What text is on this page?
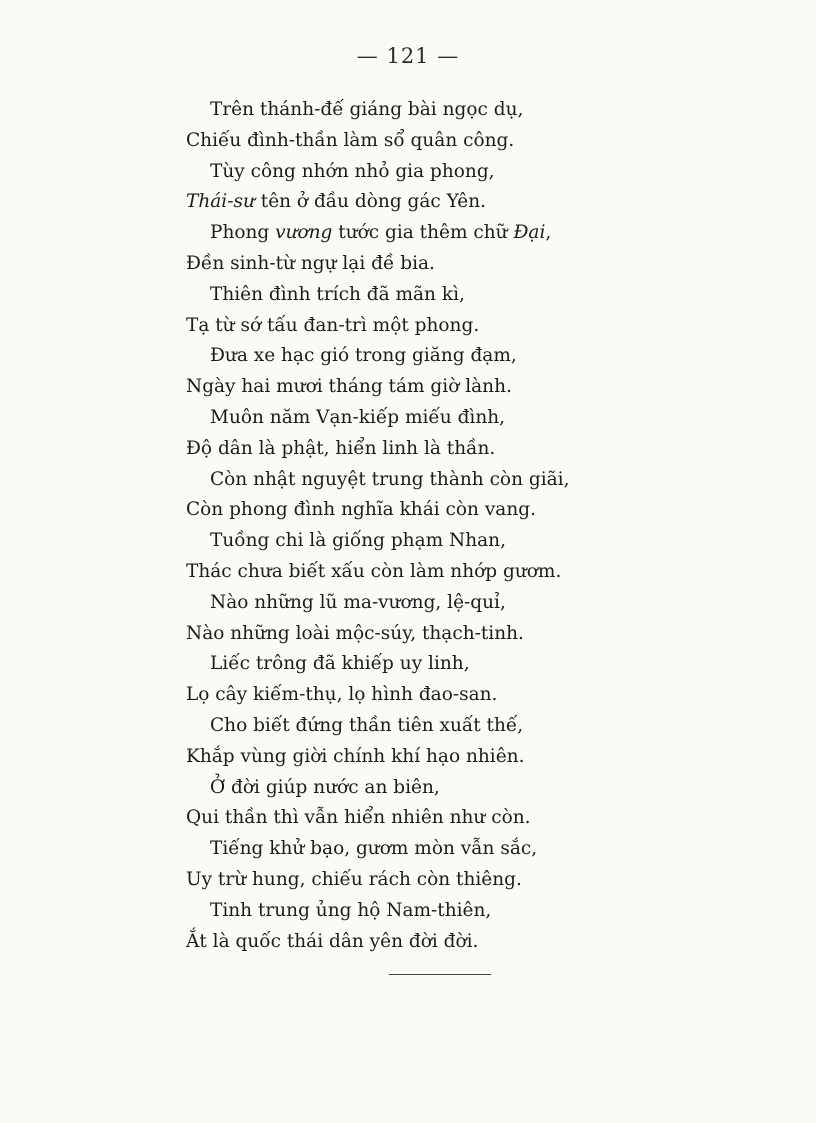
— 121 —
Trên thánh-đế giáng bài ngọc dụ,
Chiếu đình-thần làm sổ quân công.
Tùy công nhớn nhỏ gia phong,
Thái-sư tên ở đầu dòng gác Yên.
Phong vương tước gia thêm chữ Đại,
Đền sinh-từ ngự lại đề bia.
Thiên đình trích đã mãn kì,
Tạ từ sớ tấu đan-trì một phong.
Đưa xe hạc gió trong giăng đạm,
Ngày hai mươi tháng tám giờ lành.
Muôn năm Vạn-kiếp miếu đình,
Độ dân là phật, hiển linh là thần.
Còn nhật nguyệt trung thành còn giãi,
Còn phong đình nghĩa khái còn vang.
Tuồng chi là giống phạm Nhan,
Thác chưa biết xấu còn làm nhớp gươm.
Nào những lũ ma-vương, lệ-quỉ,
Nào những loài mộc-súy, thạch-tinh.
Liếc trông đã khiếp uy linh,
Lọ cây kiếm-thụ, lọ hình đao-san.
Cho biết đứng thần tiên xuất thế,
Khắp vùng giời chính khí hạo nhiên.
Ở đời giúp nước an biên,
Qui thần thì vẫn hiển nhiên như còn.
Tiếng khử bạo, gươm mòn vẫn sắc,
Uy trừ hung, chiếu rách còn thiêng.
Tinh trung ủng hộ Nam-thiên,
Ắt là quốc thái dân yên đời đời.
